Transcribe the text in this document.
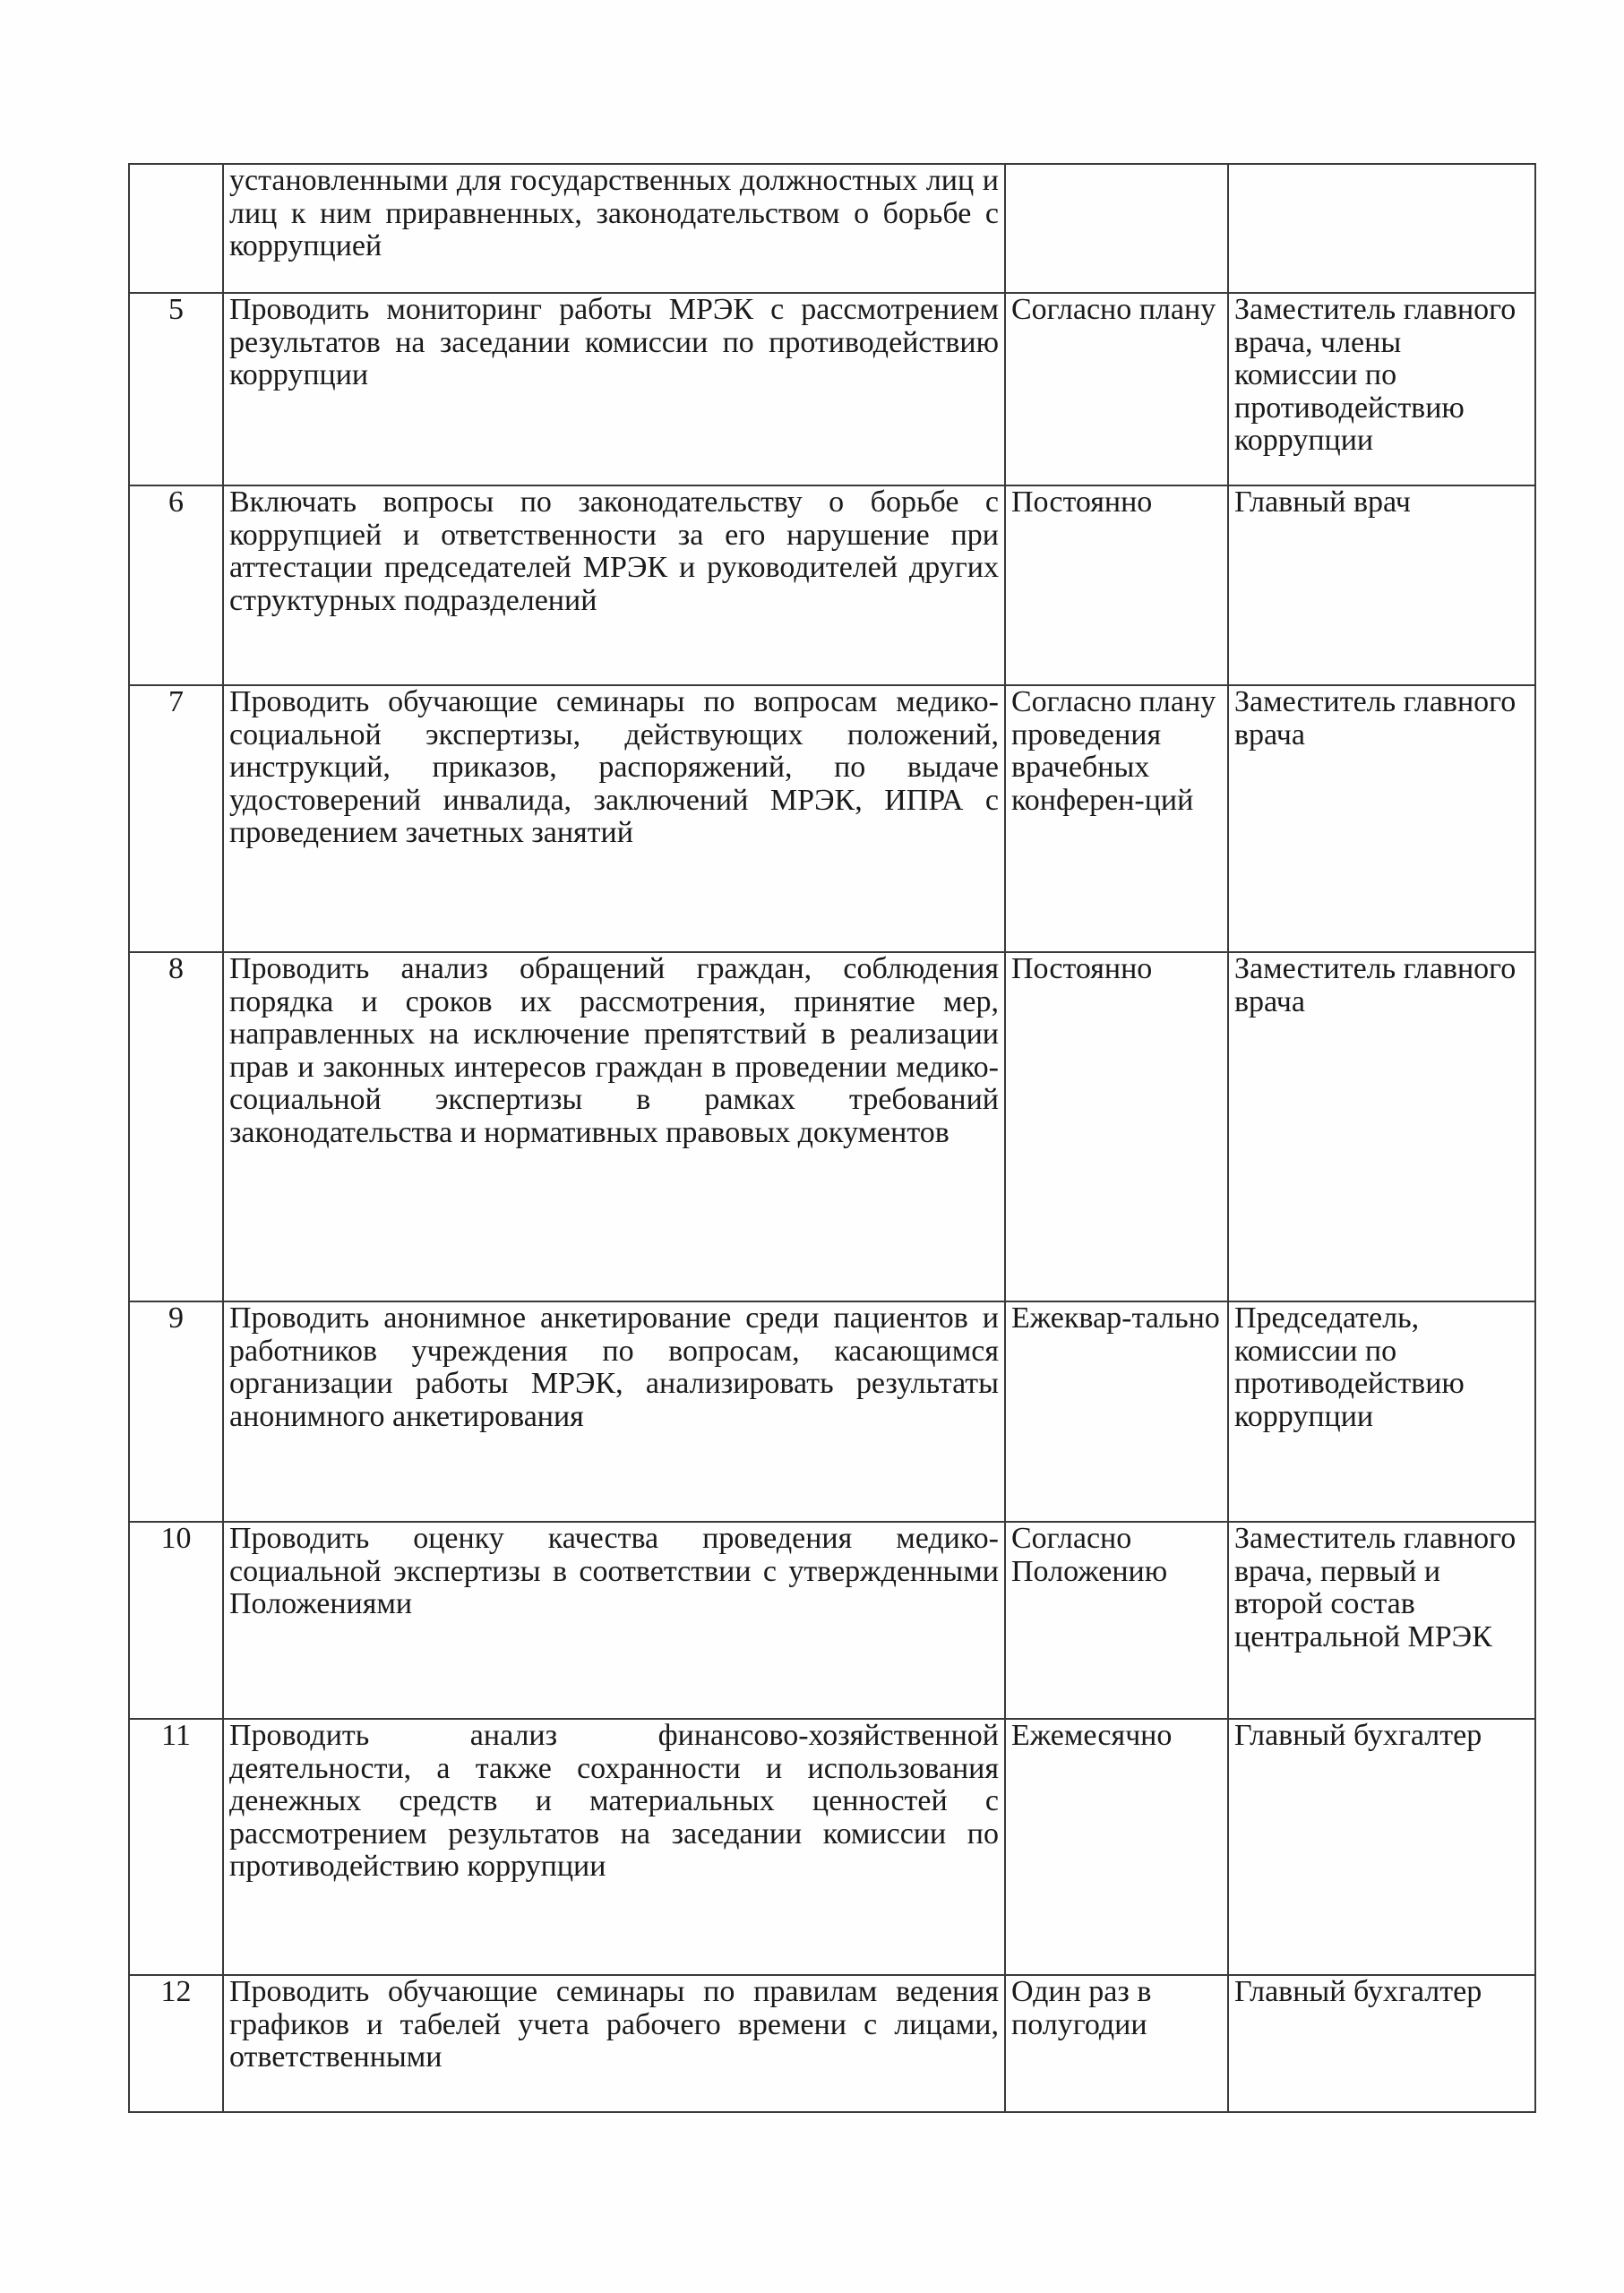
	установленными для государственных должностных лиц и лиц к ним приравненных, законодательством о борьбе с коррупцией		
5	Проводить мониторинг работы МРЭК с рассмотрением результатов на заседании комиссии по противодействию коррупции	Согласно плану	Заместитель главного врача, члены комиссии по противодействию коррупции
6	Включать вопросы по законодательству о борьбе с коррупцией и ответственности за его нарушение при аттестации председателей МРЭК и руководителей других структурных подразделений	Постоянно	Главный врач
7	Проводить обучающие семинары по вопросам медико-социальной экспертизы, действующих положений, инструкций, приказов, распоряжений, по выдаче удостоверений инвалида, заключений МРЭК, ИПРА с проведением зачетных занятий	Согласно плану проведения врачебных конферен-ций	Заместитель главного врача
8	Проводить анализ обращений граждан, соблюдения порядка и сроков их рассмотрения, принятие мер, направленных на исключение препятствий в реализации прав и законных интересов граждан в проведении медико-социальной экспертизы в рамках требований законодательства и нормативных правовых документов	Постоянно	Заместитель главного врача
9	Проводить анонимное анкетирование среди пациентов и работников учреждения по вопросам, касающимся организации работы МРЭК, анализировать результаты анонимного анкетирования	Ежеквар-тально	Председатель, комиссии по противодействию коррупции
10	Проводить оценку качества проведения медико-социальной экспертизы в соответствии с утвержденными Положениями	Согласно Положению	Заместитель главного врача, первый и второй состав центральной МРЭК
11	Проводить анализ финансово-хозяйственной деятельности, а также сохранности и использования денежных средств и материальных ценностей с рассмотрением результатов на заседании комиссии по противодействию коррупции	Ежемесячно	Главный бухгалтер
12	Проводить обучающие семинары по правилам ведения графиков и табелей учета рабочего времени с лицами, ответственными	Один раз в полугодии	Главный бухгалтер
